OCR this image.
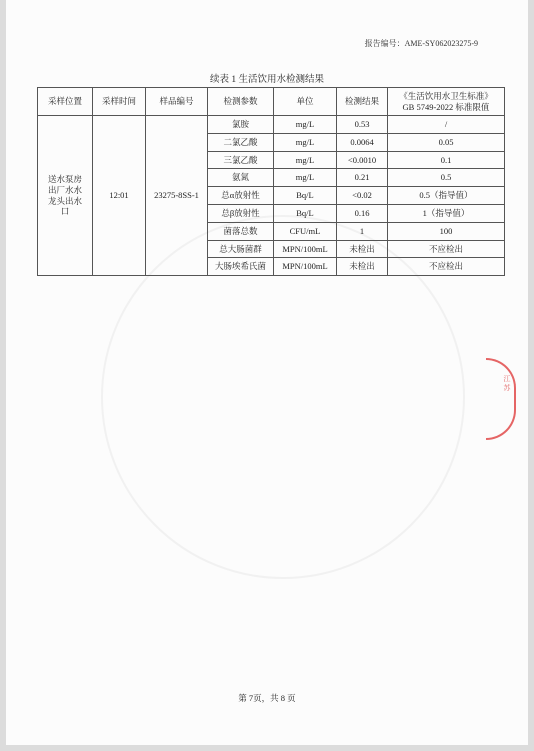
报告编号：AME-SY062023275-9
续表 1 生活饮用水检测结果
采样位置	采样时间	样品编号	检测参数	单位	检测结果	《生活饮用水卫生标准》
GB 5749-2022 标准限值

送水泵房出厂水水龙头出水口	12:01	23275-8SS-1	氯胺	mg/L	0.53	/
			二氯乙酸	mg/L	0.0064	0.05
			三氯乙酸	mg/L	<0.0010	0.1
			氨氮	mg/L	0.21	0.5
			总α放射性	Bq/L	<0.02	0.5（指导值）
			总β放射性	Bq/L	0.16	1（指导值）
			菌落总数	CFU/mL	1	100
			总大肠菌群	MPN/100mL	未检出	不应检出
			大肠埃希氏菌	MPN/100mL	未检出	不应检出
江 苏
第 7页，共 8 页
